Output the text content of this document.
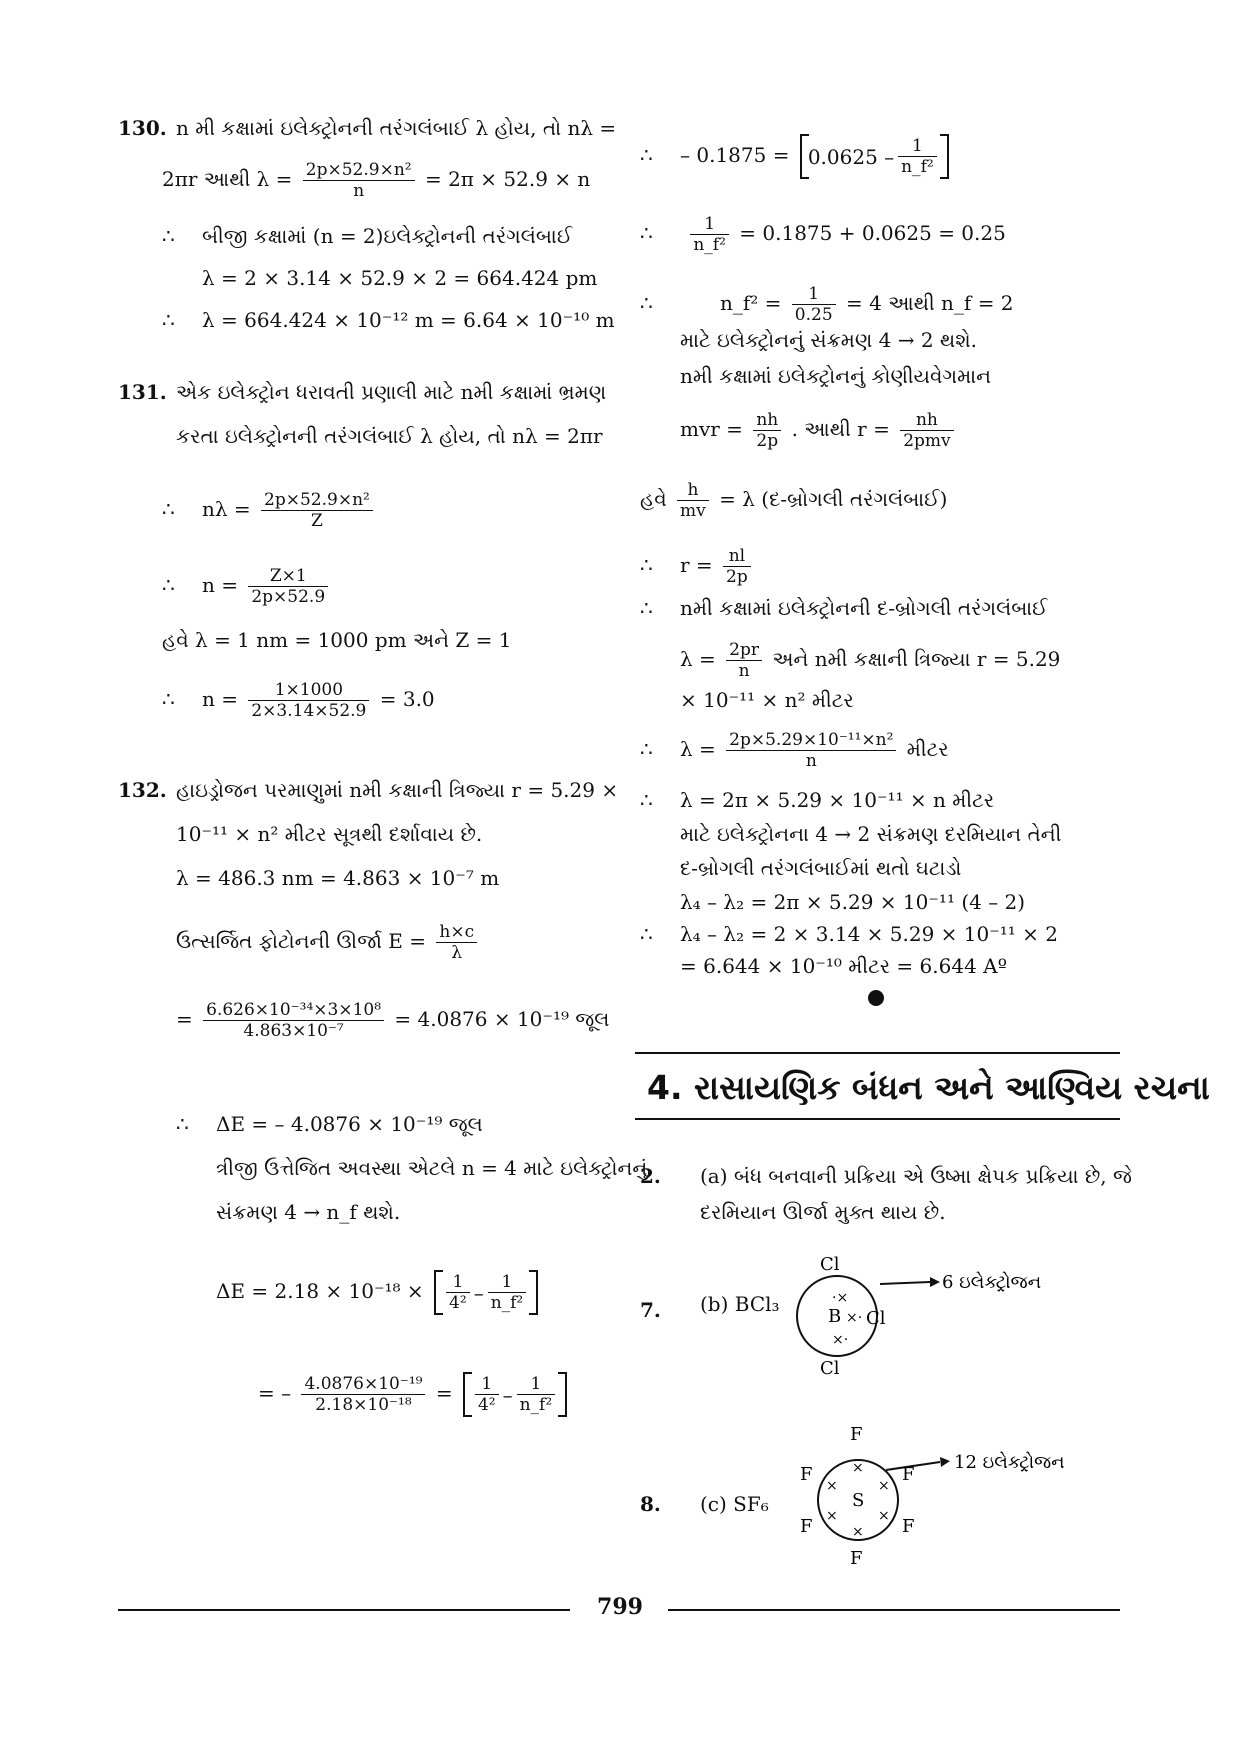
130. n મી કક્ષામાં ઇલેક્ટ્રોનની તરંગલંબાઈ λ હોય, તો nλ =
2πr આથી $\lambda = \frac{\text{2p×52.9×n²}}{n} = 2\pi \times 52.9 \times n$
∴ બીજી કક્ષામાં (n = 2)ઇલેક્ટ્રોનની તરંગલંબાઈ
λ = 2 × 3.14 × 52.9 × 2 = 664.424 pm
∴ λ = 664.424 × 10⁻¹² m = 6.64 × 10⁻¹⁰ m
131. એક ઇલેક્ટ્રોન ધરાવતી પ્રણાલી માટે nમી કક્ષામાં ભ્રમણ
કરતા ઇલેક્ટ્રોનની તરંગલંબાઈ λ હોય, તો nλ = 2πr
∴ $n\lambda = \frac{\text{2p×52.9×n²}}{Z}$
∴ $n = \frac{Z\times 1}{2p\times 52.9}$
હવે λ = 1 nm = 1000 pm અને Z = 1
∴ $n = \frac{1\times 1000}{2\times 3.14\times 52.9} = 3.0$
132. હાઇડ્રોજન પરમાણુમાં nમી કક્ષાની ત્રિજ્યા r = 5.29 ×
10⁻¹¹ × n² મીટર સૂત્રથી દર્શાવાય છે.
λ = 486.3 nm = 4.863 × 10⁻⁷ m
ઉત્સર્જિત ફોટોનની ઊર્જા $E = \frac{h\times c}{\lambda}$
= $\frac{\text{6.626×10⁻³⁴×3×10⁸}}{\text{4.863×10⁻⁷}} = 4.0876 \times 10^{-19}$ જૂલ
∴ ΔE = – 4.0876 × 10⁻¹⁹ જૂલ
ત્રીજી ઉત્તેજિત અવસ્થા એટલે n = 4 માટે ઇલેક્ટ્રોનનું
સંક્રમણ 4 → n_f થશે.
$\Delta E = 2.18 \times 10^{-18} \times \frac{1}{\text{4²}} - \frac{1}{\text{n\_f²}}$
= – $\frac{\text{4.0876×10⁻¹⁹}}{\text{2.18×10⁻¹⁸}} = \frac{1}{\text{4²}} - \frac{1}{\text{n\_f²}}$
∴ – $0.1875 = 0.0625 - \frac{1}{\text{n\_f²}}$
∴ $\frac{1}{\text{n\_f²}} = 0.1875 + 0.0625 = 0.25$
∴	n_f² = $\frac{1}{0.25} = 4$ આથી n_f = 2
માટે ઇલેક્ટ્રોનનું સંક્રમણ 4 → 2 થશે.
nમી કક્ષામાં ઇલેક્ટ્રોનનું કોણીયવેગમાન
mvr = $\frac{nh}{2p}$ . આથી $r = \frac{nh}{\text{2pmv}}$
હવે $\frac{h}{mv} = \lambda$ (દ-બ્રોગલી તરંગલંબાઈ)
∴ $r = \frac{nl}{2p}$
∴ nમી કક્ષામાં ઇલેક્ટ્રોનની દ-બ્રોગલી તરંગલંબાઈ
$\lambda = \frac{2pr}{n}$ અને nમી કક્ષાની ત્રિજ્યા r = 5.29
× 10⁻¹¹ × n² મીટર
∴ $\lambda = \frac{\text{2p×5.29×10⁻¹¹×n²}}{n}$ મીટર
∴ λ = 2π × 5.29 × 10⁻¹¹ × n મીટર
માટે ઇલેક્ટ્રોનના 4 → 2 સંક્રમણ દરમિયાન તેની
દ-બ્રોગલી તરંગલંબાઈમાં થતો ઘટાડો
λ₄ – λ₂ = 2π × 5.29 × 10⁻¹¹ (4 – 2)
∴ λ₄ – λ₂ = 2 × 3.14 × 5.29 × 10⁻¹¹ × 2
= 6.644 × 10⁻¹⁰ મીટર = 6.644 Aº
4. રાસાયણિક બંધન અને આણ્વિય રચના
2. (a) બંધ બનવાની પ્રક્રિયા એ ઉષ્મા ક્ષેપક પ્રક્રિયા છે, જે
દરમિયાન ઊર્જા મુક્ત થાય છે.
7. (b) BCl₃
Cl
B ×·
·×
×·
Cl
Cl
6 ઇલેક્ટ્રોજન
8. (c) SF₆	S
F
F	F
F	F
F
×
×	×
×	×
×
12 ઇલેક્ટ્રોજન
799
